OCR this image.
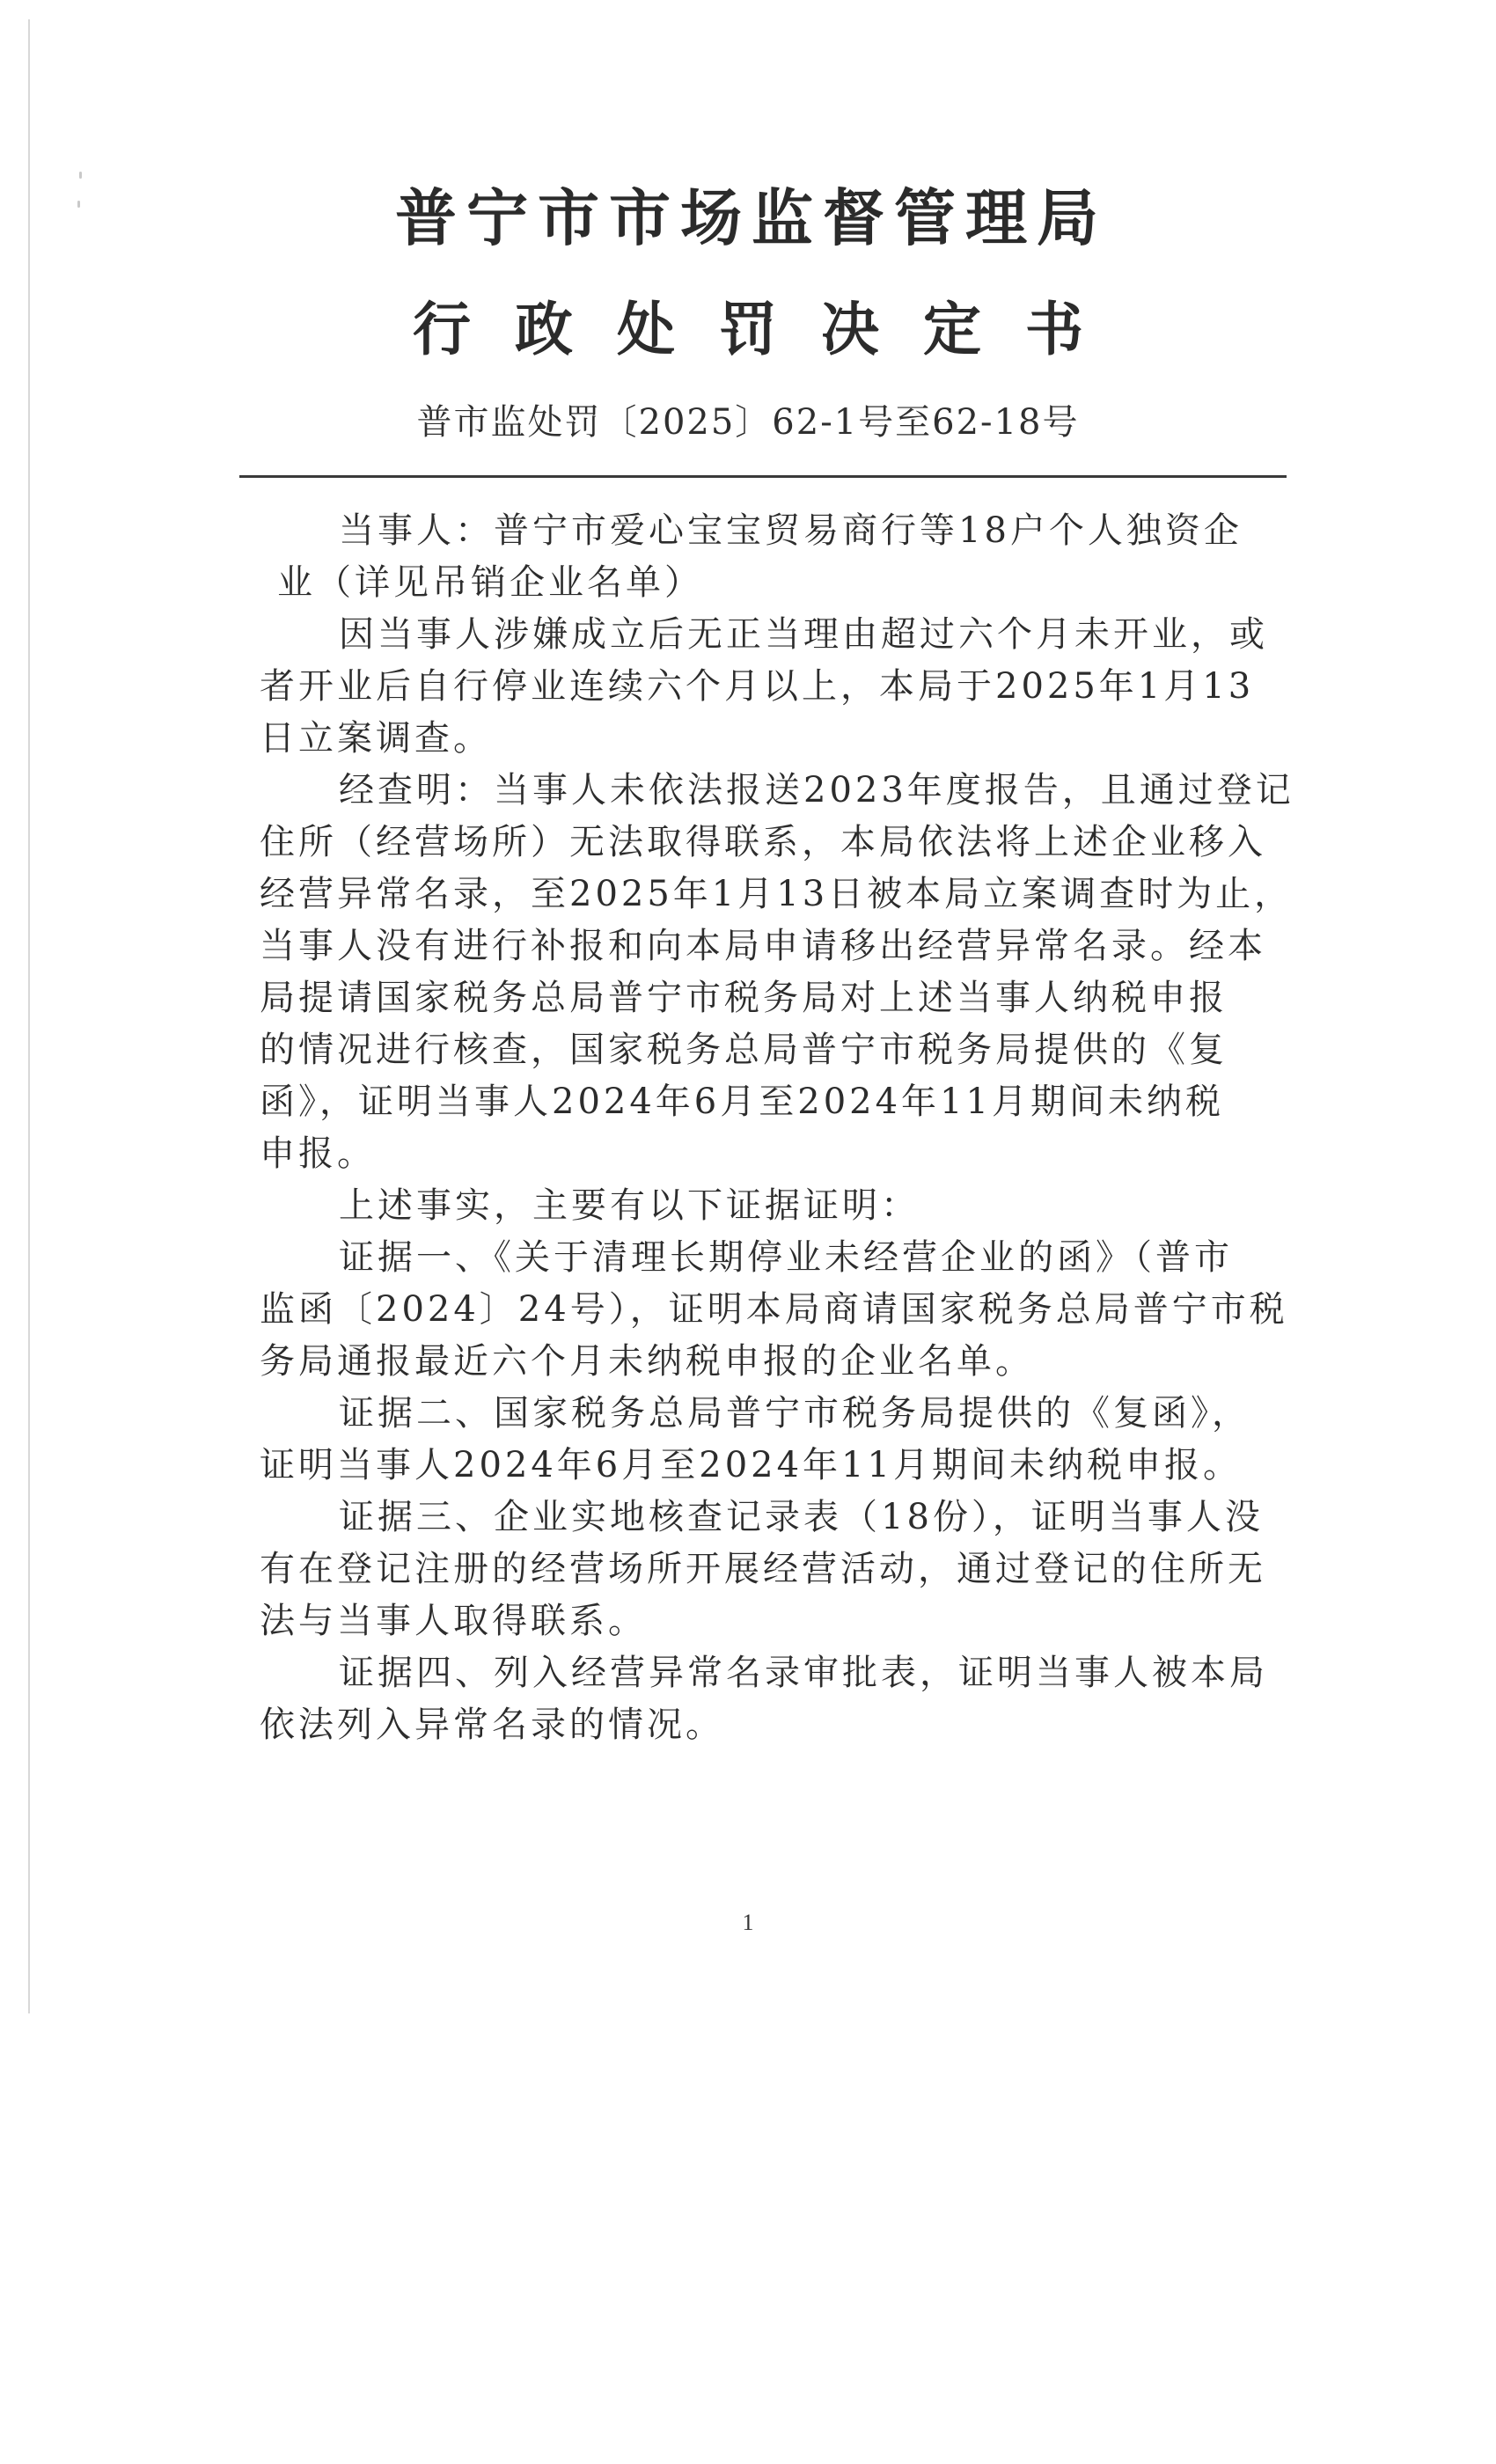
普宁市市场监督管理局
行政处罚决定书
普市监处罚〔2025〕62-1号至62-18号
当事人：普宁市爱心宝宝贸易商行等18户个人独资企
业（详见吊销企业名单）
因当事人涉嫌成立后无正当理由超过六个月未开业，或
者开业后自行停业连续六个月以上，本局于2025年1月13
日立案调查。
经查明：当事人未依法报送2023年度报告，且通过登记
住所（经营场所）无法取得联系，本局依法将上述企业移入
经营异常名录，至2025年1月13日被本局立案调查时为止，
当事人没有进行补报和向本局申请移出经营异常名录。经本
局提请国家税务总局普宁市税务局对上述当事人纳税申报
的情况进行核查，国家税务总局普宁市税务局提供的《复
函》，证明当事人2024年6月至2024年11月期间未纳税
申报。
上述事实，主要有以下证据证明：
证据一、《关于清理长期停业未经营企业的函》（普市
监函〔2024〕24号），证明本局商请国家税务总局普宁市税
务局通报最近六个月未纳税申报的企业名单。
证据二、国家税务总局普宁市税务局提供的《复函》，
证明当事人2024年6月至2024年11月期间未纳税申报。
证据三、企业实地核查记录表（18份），证明当事人没
有在登记注册的经营场所开展经营活动，通过登记的住所无
法与当事人取得联系。
证据四、列入经营异常名录审批表，证明当事人被本局
依法列入异常名录的情况。
1
